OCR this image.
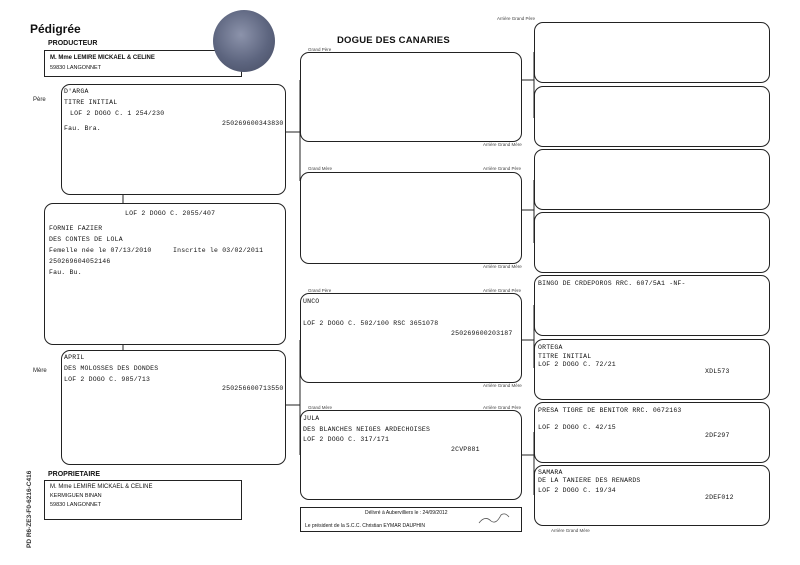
Pédigrée
PRODUCTEUR
M. Mme LEMIRE MICKAEL & CELINE
59830 LANGONNET
DOGUE DES CANARIES
Père
Mère
D'ARGA
TITRE INITIAL
LOF 2 DOGO C. 1 254/230
250269600343830
Fau. Bra.
LOF 2 DOGO C. 2055/407
FORNIE FAZIER
DES CONTES DE LOLA
Femelle née le 07/13/2010	Inscrite le 03/02/2011
250269604052146
Fau. Bu.
APRIL
DES MOLOSSES DES DONDES
LOF 2 DOGO C. 985/713
250256600713550
Grand Père
Arrière Grand Mère
Grand Mère	Arrière Grand Père
Arrière Grand Mère
Grand Père	Arrière Grand Père
UNCO
LOF 2 DOGO C. 502/100 RSC 3651078
250269600203187
Arrière Grand Mère
Grand Mère	Arrière Grand Père
JULA
DES BLANCHES NEIGES ARDECHOISES
LOF 2 DOGO C. 317/171
2CVP881
Arrière Grand Père
BINGO DE CRDEPOROS RRC. 607/5A1 -NF-
ORTEGA
TITRE INITIAL
LOF 2 DOGO C. 72/21
XDL573
PRESA TIGRE DE BENITOR RRC. 0672163
LOF 2 DOGO C. 42/15
2DF297
SAMARA
DE LA TANIERE DES RENARDS
LOF 2 DOGO C. 19/34
2DEF012
Arrière Grand Mère
PROPRIETAIRE
M. Mme LEMIRE MICKAEL & CELINE
KERMIGUEN BINAN
59830 LANGONNET
Délivré à Aubervilliers le : 24/09/2012
Le président de la S.C.C. Christian EYMAR DAUPHIN
PD R6-ZE3-F0-6216-C416
